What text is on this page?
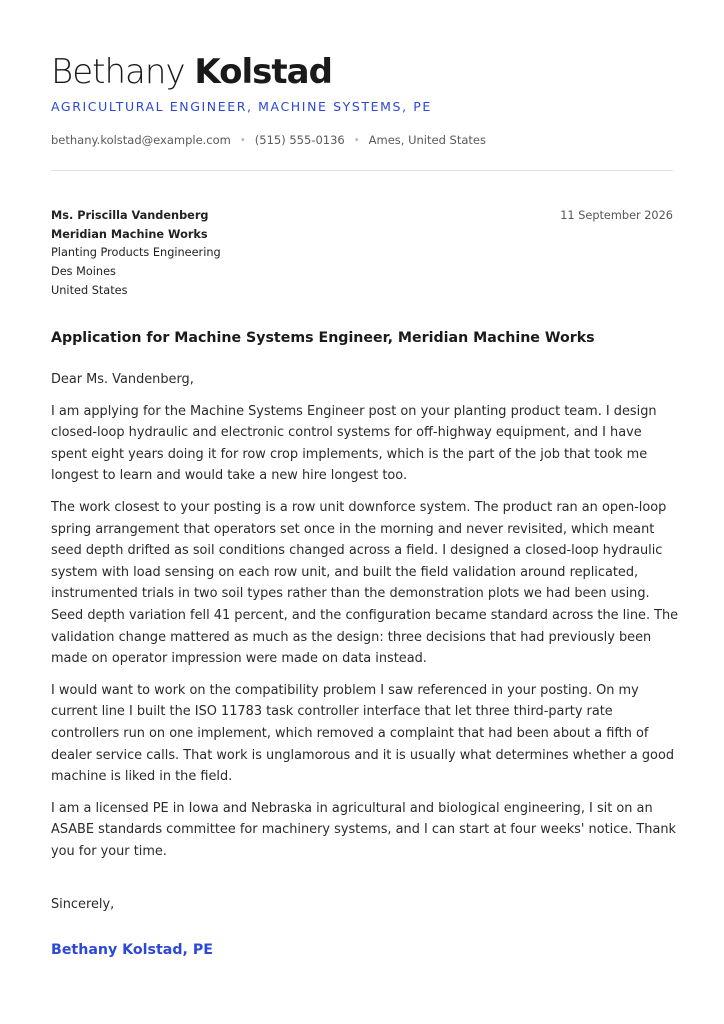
Bethany Kolstad
AGRICULTURAL ENGINEER, MACHINE SYSTEMS, PE
bethany.kolstad@example.com • (515) 555-0136 • Ames, United States
Ms. Priscilla Vandenberg
Meridian Machine Works
Planting Products Engineering
Des Moines
United States
11 September 2026
Application for Machine Systems Engineer, Meridian Machine Works

Dear Ms. Vandenberg,

I am applying for the Machine Systems Engineer post on your planting product team. I design closed-loop hydraulic and electronic control systems for off-highway equipment, and I have spent eight years doing it for row crop implements, which is the part of the job that took me longest to learn and would take a new hire longest too.

The work closest to your posting is a row unit downforce system. The product ran an open-loop spring arrangement that operators set once in the morning and never revisited, which meant seed depth drifted as soil conditions changed across a field. I designed a closed-loop hydraulic system with load sensing on each row unit, and built the field validation around replicated, instrumented trials in two soil types rather than the demonstration plots we had been using. Seed depth variation fell 41 percent, and the configuration became standard across the line. The validation change mattered as much as the design: three decisions that had previously been made on operator impression were made on data instead.

I would want to work on the compatibility problem I saw referenced in your posting. On my current line I built the ISO 11783 task controller interface that let three third-party rate controllers run on one implement, which removed a complaint that had been about a fifth of dealer service calls. That work is unglamorous and it is usually what determines whether a good machine is liked in the field.

I am a licensed PE in Iowa and Nebraska in agricultural and biological engineering, I sit on an ASABE standards committee for machinery systems, and I can start at four weeks' notice. Thank you for your time.

Sincerely,
Bethany Kolstad, PE
